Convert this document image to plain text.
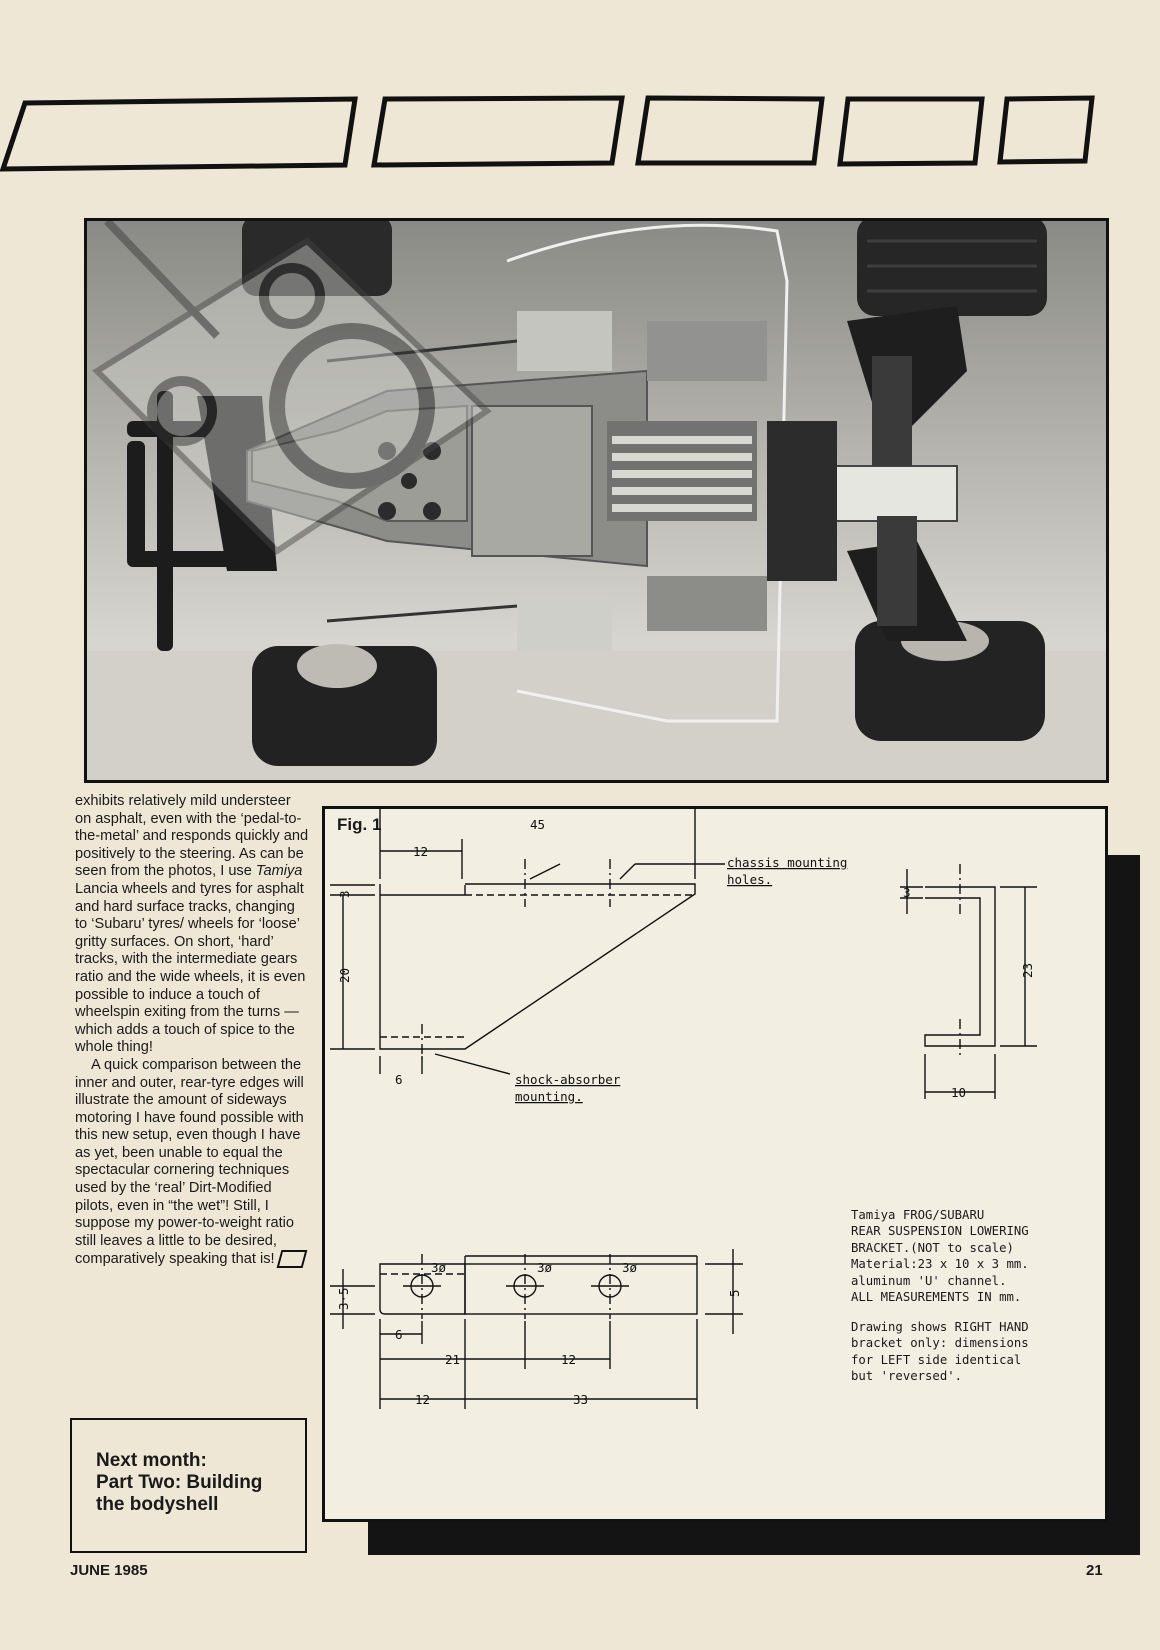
exhibits relatively mild understeer on asphalt, even with the ‘pedal-to-the-metal’ and responds quickly and positively to the steering. As can be seen from the photos, I use Tamiya Lancia wheels and tyres for asphalt and hard surface tracks, changing to ‘Subaru’ tyres/ wheels for ‘loose’ gritty surfaces. On short, ‘hard’ tracks, with the intermediate gears ratio and the wide wheels, it is even possible to induce a touch of wheelspin exiting from the turns — which adds a touch of spice to the whole thing!

A quick comparison between the inner and outer, rear-tyre edges will illustrate the amount of sideways motoring I have found possible with this new setup, even though I have as yet, been unable to equal the spectacular cornering techniques used by the ‘real’ Dirt-Modified pilots, even in “the wet”! Still, I suppose my power-to-weight ratio still leaves a little to be desired, comparatively speaking that is!

Next month:
Part Two: Building
the bodyshell
Fig. 1	45
12
3
20
6
chassis mounting
holes.
shock-absorber
mounting.
3
23
10
3ø	3ø	3ø
3·5	5
6
21	12
12	33
Tamiya FROG/SUBARU
REAR SUSPENSION LOWERING
BRACKET.(NOT to scale)
Material:23 x 10 x 3 mm.
aluminum 'U' channel.
ALL MEASUREMENTS IN mm.
Drawing shows RIGHT HAND
bracket only: dimensions
for LEFT side identical
but 'reversed'.
JUNE 1985	21
